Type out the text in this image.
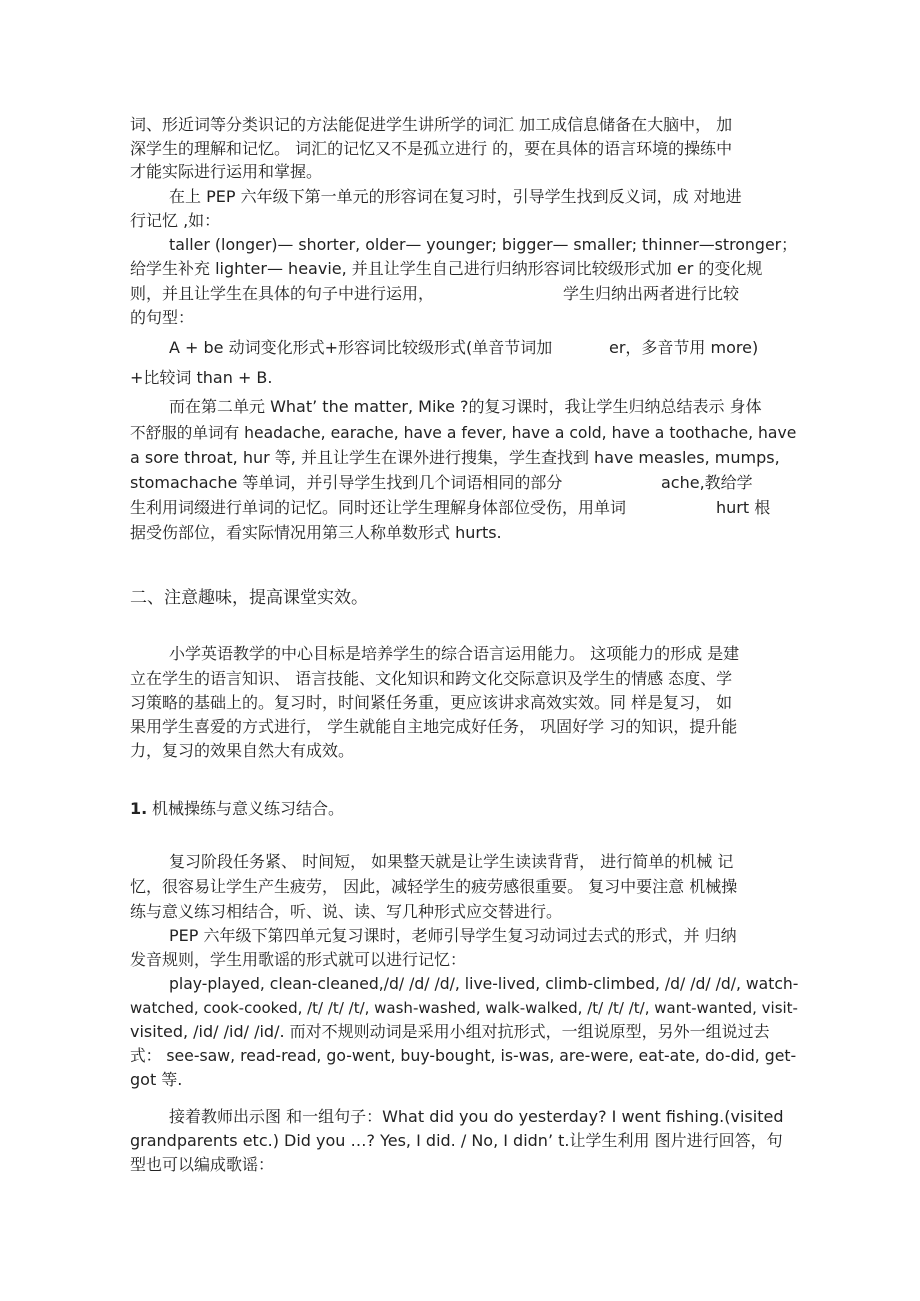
词、形近词等分类识记的方法能促进学生讲所学的词汇 加工成信息储备在大脑中， 加
深学生的理解和记忆。 词汇的记忆又不是孤立进行 的，要在具体的语言环境的操练中
才能实际进行运用和掌握。
在上 PEP 六年级下第一单元的形容词在复习时，引导学生找到反义词，成 对地进
行记忆 ,如：
taller (longer)— shorter, older— younger; bigger— smaller; thinner—stronger；
给学生补充 lighter— heavie, 并且让学生自己进行归纳形容词比较级形式加 er 的变化规
则，并且让学生在具体的句子中进行运用，	学生归纳出两者进行比较
的句型：
A + be 动词变化形式+形容词比较级形式(单音节词加	er，多音节用 more)
+比较词 than + B.
而在第二单元 What’ the matter, Mike ?的复习课时，我让学生归纳总结表示 身体
不舒服的单词有 headache, earache, have a fever, have a cold, have a toothache, have
a sore throat, hur 等, 并且让学生在课外进行搜集，学生查找到 have measles, mumps,
stomachache 等单词，并引导学生找到几个词语相同的部分	ache,教给学
生利用词缀进行单词的记忆。同时还让学生理解身体部位受伤，用单词	hurt 根
据受伤部位，看实际情况用第三人称单数形式 hurts.
二、注意趣味，提高课堂实效。
小学英语教学的中心目标是培养学生的综合语言运用能力。 这项能力的形成 是建
立在学生的语言知识、 语言技能、文化知识和跨文化交际意识及学生的情感 态度、学
习策略的基础上的。复习时，时间紧任务重，更应该讲求高效实效。同 样是复习， 如
果用学生喜爱的方式进行， 学生就能自主地完成好任务， 巩固好学 习的知识，提升能
力，复习的效果自然大有成效。
1. 机械操练与意义练习结合。
复习阶段任务紧、 时间短， 如果整天就是让学生读读背背， 进行简单的机械 记
忆，很容易让学生产生疲劳， 因此，减轻学生的疲劳感很重要。 复习中要注意 机械操
练与意义练习相结合，听、说、读、写几种形式应交替进行。
PEP 六年级下第四单元复习课时，老师引导学生复习动词过去式的形式，并 归纳
发音规则，学生用歌谣的形式就可以进行记忆：
play-played, clean-cleaned,/d/ /d/ /d/, live-lived, climb-climbed, /d/ /d/ /d/, watch-
watched, cook-cooked, /t/ /t/ /t/, wash-washed, walk-walked, /t/ /t/ /t/, want-wanted, visit-
visited, /id/ /id/ /id/. 而对不规则动词是采用小组对抗形式，一组说原型，另外一组说过去
式： see-saw, read-read, go-went, buy-bought, is-was, are-were, eat-ate, do-did, get-
got 等.
接着教师出示图 和一组句子：What did you do yesterday? I went fishing.(visited
grandparents etc.) Did you …? Yes, I did. / No, I didn’ t.让学生利用 图片进行回答，句
型也可以编成歌谣：
